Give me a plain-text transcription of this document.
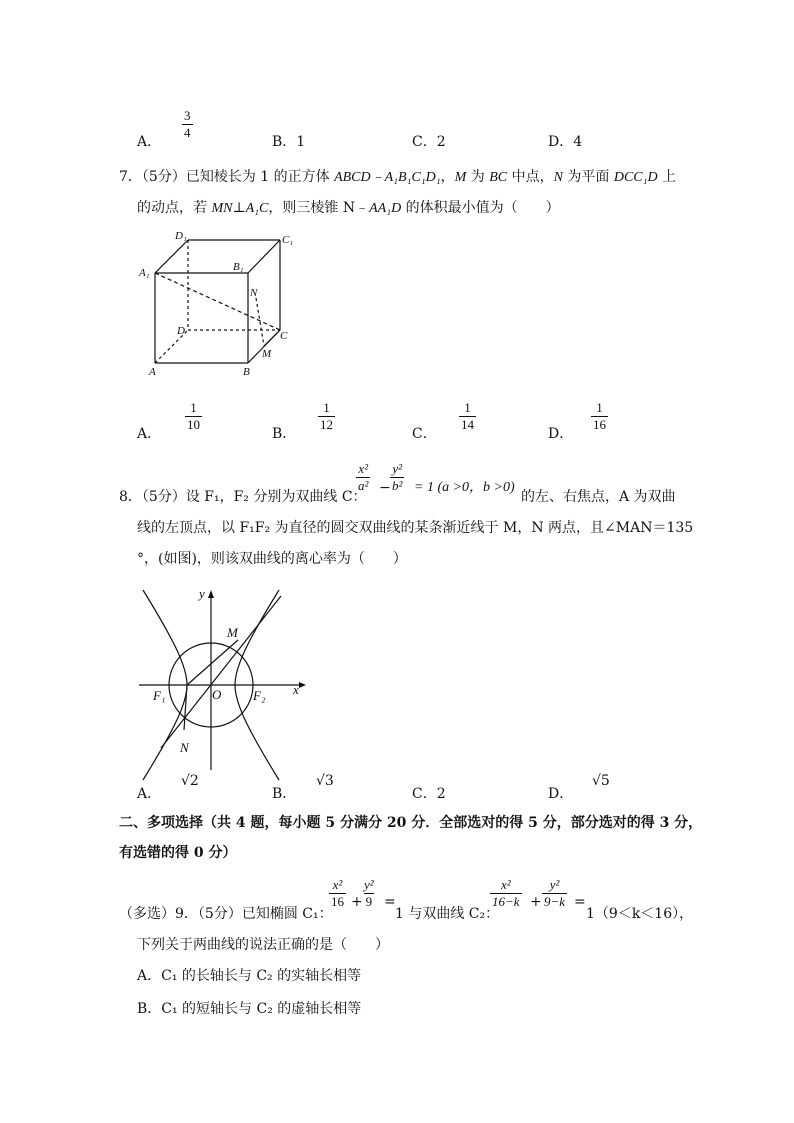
A．
$\frac{3}{4}$
B．1	C．2	D．4
7．（5分）已知棱长为 1 的正方体 ABCD﹣A₁B₁C₁D₁，M 为 BC 中点，N 为平面 DCC₁D 上
的动点，若 MN⊥A₁C，则三棱锥 N﹣AA₁D 的体积最小值为（　　）
D₁	C₁
A₁	B₁
N
D	C
M
A	B
A．
$\frac{1}{10}$
B．
$\frac{1}{12}$
C．
$\frac{1}{14}$
D．
$\frac{1}{16}$
8．（5分）设 F₁，F₂ 分别为双曲线 C：
$\frac{\text{x²}}{\text{a²}} - \frac{\text{y²}}{\text{b²}} = 1$ (a >0，b >0)
的左、右焦点，A 为双曲
线的左顶点，以 F₁F₂ 为直径的圆交双曲线的某条渐近线于 M，N 两点，且∠MAN＝135
°，(如图)，则该双曲线的离心率为（　　）
y
x
M
N
O
F₁	F₂
A．
√2
B．
√3
C．2	D．
√5
二、多项选择（共 4 题，每小题 5 分满分 20 分．全部选对的得 5 分，部分选对的得 3 分，
有选错的得 0 分）
（多选）9．（5分）已知椭圆 C₁：
$\frac{\text{x²}}{16} + \frac{\text{y²}}{9}$ =
1 与双曲线 C₂：
$\frac{\text{x²}}{16-k} + \frac{\text{y²}}{9-k}$ =
1（9＜k＜16），
下列关于两曲线的说法正确的是（　　）
A．C₁ 的长轴长与 C₂ 的实轴长相等
B．C₁ 的短轴长与 C₂ 的虚轴长相等
